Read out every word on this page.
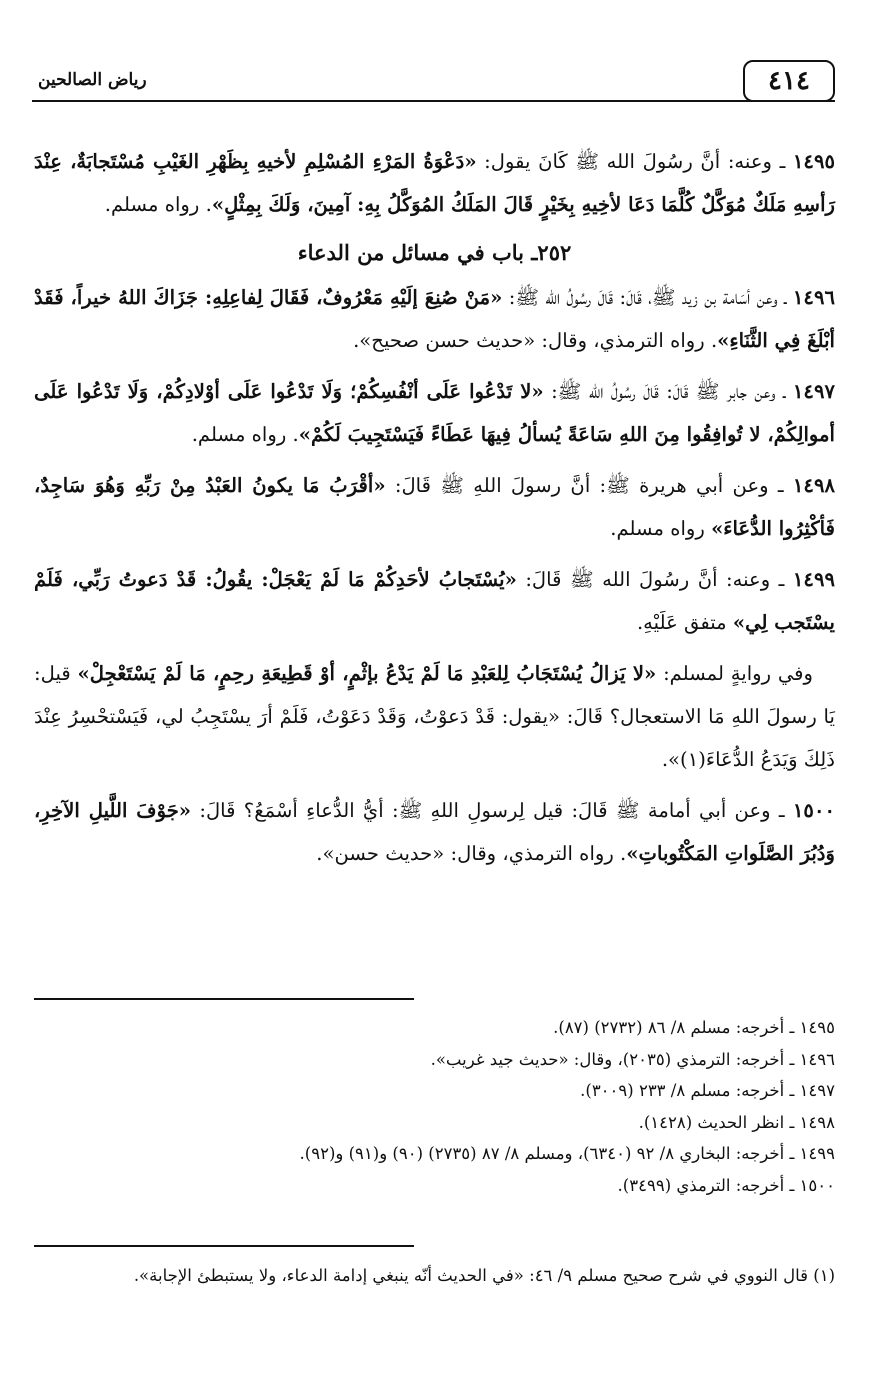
٤١٤
رياض الصالحين

١٤٩٥ ـ وعنه: أنَّ رسُولَ الله ﷺ كَانَ يقول: «دَعْوَةُ المَرْءِ المُسْلِمِ لأخيهِ بِظَهْرِ الغَيْبِ مُسْتَجابَةٌ، عِنْدَ رَأسِهِ مَلَكٌ مُوَكَّلٌ كُلَّمَا دَعَا لأخِيهِ بِخَيْرٍ قَالَ المَلَكُ المُوَكَّلُ بِهِ: آمِينَ، وَلَكَ بِمِثْلٍ». رواه مسلم.

٢٥٢ـ باب في مسائل من الدعاء

١٤٩٦ ـ وعن أسَامة بن زيد ﷺ، قَالَ: قَالَ رسُولُ الله ﷺ: «مَنْ صُنِعَ إلَيْهِ مَعْرُوفٌ، فَقَالَ لِفاعِلِهِ: جَزَاكَ اللهُ خيراً، فَقَدْ أبْلَغَ فِي الثَّنَاءِ». رواه الترمذي، وقال: «حديث حسن صحيح».

١٤٩٧ ـ وعن جابر ﷺ قَالَ: قَالَ رسُولُ الله ﷺ: «لا تَدْعُوا عَلَى أنْفُسِكُمْ؛ وَلَا تَدْعُوا عَلَى أوْلادِكُمْ، وَلَا تَدْعُوا عَلَى أموالِكُمْ، لا تُوافِقُوا مِنَ اللهِ سَاعَةً يُسألُ فِيهَا عَطَاءً فَيَسْتَجِيبَ لَكُمْ». رواه مسلم.

١٤٩٨ ـ وعن أبي هريرة ﷺ: أنَّ رسولَ اللهِ ﷺ قَالَ: «أقْرَبُ مَا يكونُ العَبْدُ مِنْ رَبِّهِ وَهُوَ سَاجِدٌ، فَأكْثِرُوا الدُّعَاءَ» رواه مسلم.

١٤٩٩ ـ وعنه: أنَّ رسُولَ الله ﷺ قَالَ: «يُسْتَجابُ لأحَدِكُمْ مَا لَمْ يَعْجَلْ: يقُولُ: قَدْ دَعوتُ رَبِّي، فَلَمْ يسْتَجب لِي» متفق عَلَيْهِ.

وفي روايةٍ لمسلم: «لا يَزالُ يُسْتَجَابُ لِلعَبْدِ مَا لَمْ يَدْعُ بإثْمٍ، أوْ قَطِيعَةِ رحِمٍ، مَا لَمْ يَسْتَعْجِلْ» قيل: يَا رسولَ اللهِ مَا الاستعجال؟ قَالَ: «يقول: قَدْ دَعوْتُ، وَقَدْ دَعَوْتُ، فَلَمْ أرَ يسْتَجِبُ لي، فَيَسْتحْسِرُ عِنْدَ ذَلِكَ وَيَدَعُ الدُّعَاءَ(١)».

١٥٠٠ ـ وعن أبي أمامة ﷺ قَالَ: قيل لِرسولِ اللهِ ﷺ: أيُّ الدُّعاءِ أسْمَعُ؟ قَالَ: «جَوْفَ اللَّيلِ الآخِرِ، وَدُبُرَ الصَّلَواتِ المَكْتُوباتِ». رواه الترمذي، وقال: «حديث حسن».

١٤٩٥ ـ أخرجه: مسلم ٨/ ٨٦ (٢٧٣٢) (٨٧).
١٤٩٦ ـ أخرجه: الترمذي (٢٠٣٥)، وقال: «حديث جيد غريب».
١٤٩٧ ـ أخرجه: مسلم ٨/ ٢٣٣ (٣٠٠٩).
١٤٩٨ ـ انظر الحديث (١٤٢٨).
١٤٩٩ ـ أخرجه: البخاري ٨/ ٩٢ (٦٣٤٠)، ومسلم ٨/ ٨٧ (٢٧٣٥) (٩٠) و(٩١) و(٩٢).
١٥٠٠ ـ أخرجه: الترمذي (٣٤٩٩).
(١) قال النووي في شرح صحيح مسلم ٩/ ٤٦: «في الحديث أنّه ينبغي إدامة الدعاء، ولا يستبطئ الإجابة».
